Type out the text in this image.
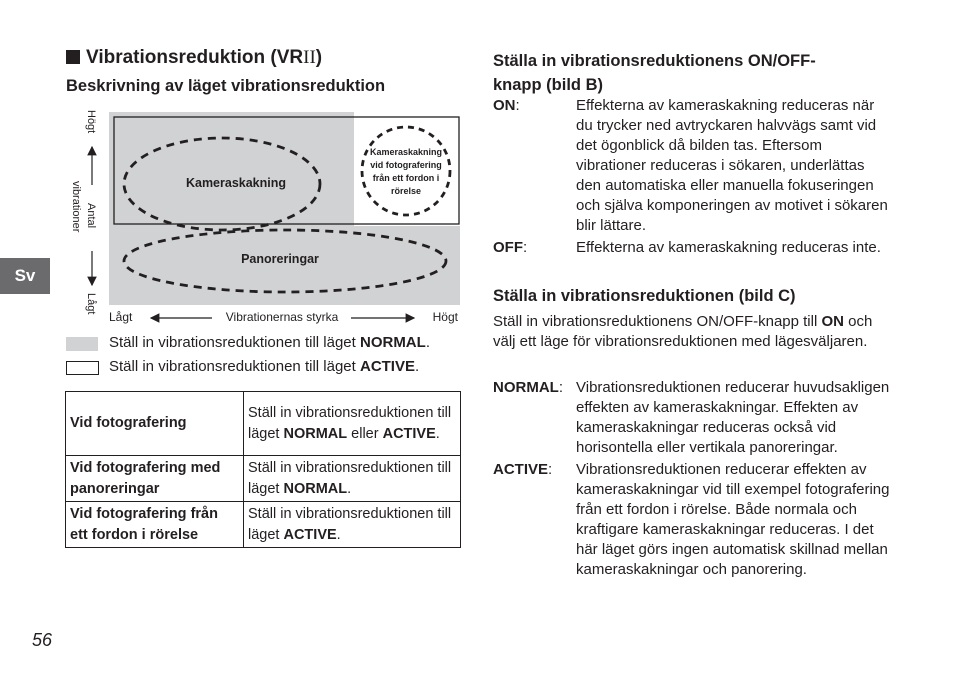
Sv
Vibrationsreduktion (VRII)
Beskrivning av läget vibrationsreduktion
Kameraskakning
Panoreringar
Kameraskakning
vid fotografering
från ett fordon i
rörelse
Högt
Antal
vibrationer
Lågt
Lågt	Vibrationernas styrka	Högt
Ställ in vibrationsreduktionen till läget NORMAL.
Ställ in vibrationsreduktionen till läget ACTIVE.
Vid fotografering	Ställ in vibrationsreduktionen till läget NORMAL eller ACTIVE.
Vid fotografering med panoreringar	Ställ in vibrationsreduktionen till läget NORMAL.
Vid fotografering från ett fordon i rörelse	Ställ in vibrationsreduktionen till läget ACTIVE.
Ställa in vibrationsreduktionens ON/OFF-
knapp (bild B)
ON:	Effekterna av kameraskakning reduceras när du trycker ned avtryckaren halvvägs samt vid det ögonblick då bilden tas. Eftersom vibrationer reduceras i sökaren, underlättas den automatiska eller manuella fokuseringen och själva komponeringen av motivet i sökaren blir lättare.
OFF:	Effekterna av kameraskakning reduceras inte.
Ställa in vibrationsreduktionen (bild C)
Ställ in vibrationsreduktionens ON/OFF-knapp till ON och välj ett läge för vibrationsreduktionen med lägesväljaren.
NORMAL: Vibrationsreduktionen reducerar huvudsakligen effekten av kameraskakningar. Effekten av kameraskakningar reduceras också vid horisontella eller vertikala panoreringar.
ACTIVE:	Vibrationsreduktionen reducerar effekten av kameraskakningar vid till exempel fotografering från ett fordon i rörelse. Både normala och kraftigare kameraskakningar reduceras. I det här läget görs ingen automatisk skillnad mellan kameraskakningar och panorering.
56
